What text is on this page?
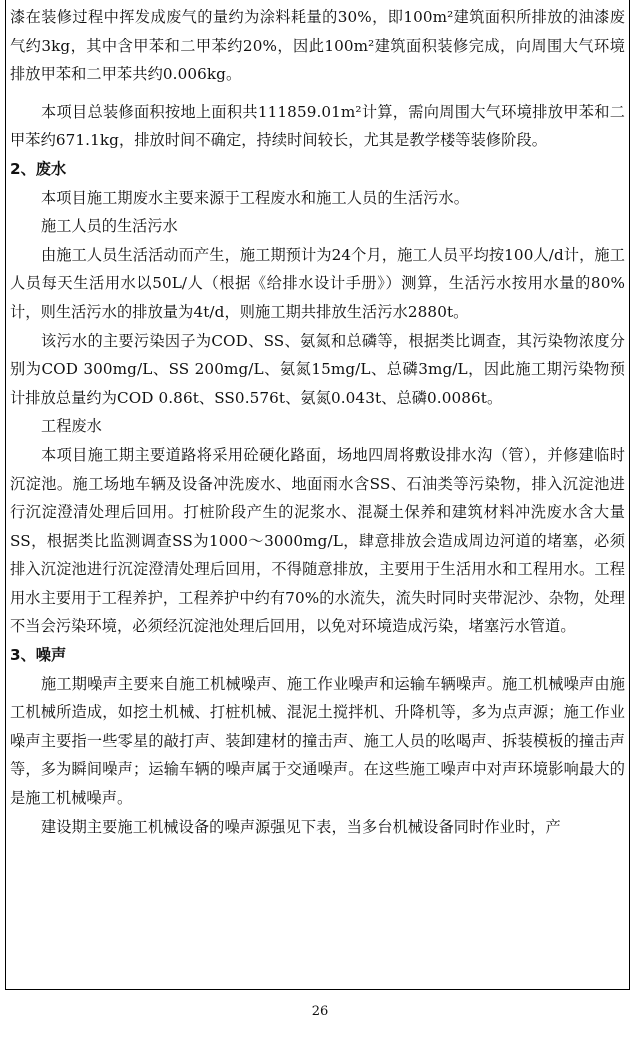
漆在装修过程中挥发成废气的量约为涂料耗量的30%，即100m²建筑面积所排放的油漆废气约3kg，其中含甲苯和二甲苯约20%，因此100m²建筑面积装修完成，向周围大气环境排放甲苯和二甲苯共约0.006kg。

本项目总装修面积按地上面积共111859.01m²计算，需向周围大气环境排放甲苯和二甲苯约671.1kg，排放时间不确定，持续时间较长，尤其是教学楼等装修阶段。

2、废水

本项目施工期废水主要来源于工程废水和施工人员的生活污水。

施工人员的生活污水

由施工人员生活活动而产生，施工期预计为24个月，施工人员平均按100人/d计，施工人员每天生活用水以50L/人（根据《给排水设计手册》）测算，生活污水按用水量的80%计，则生活污水的排放量为4t/d，则施工期共排放生活污水2880t。

该污水的主要污染因子为COD、SS、氨氮和总磷等，根据类比调查，其污染物浓度分别为COD 300mg/L、SS 200mg/L、氨氮15mg/L、总磷3mg/L，因此施工期污染物预计排放总量约为COD 0.86t、SS0.576t、氨氮0.043t、总磷0.0086t。

工程废水

本项目施工期主要道路将采用砼硬化路面，场地四周将敷设排水沟（管），并修建临时沉淀池。施工场地车辆及设备冲洗废水、地面雨水含SS、石油类等污染物，排入沉淀池进行沉淀澄清处理后回用。打桩阶段产生的泥浆水、混凝土保养和建筑材料冲洗废水含大量SS，根据类比监测调查SS为1000～3000mg/L，肆意排放会造成周边河道的堵塞，必须排入沉淀池进行沉淀澄清处理后回用，不得随意排放，主要用于生活用水和工程用水。工程用水主要用于工程养护，工程养护中约有70%的水流失，流失时同时夹带泥沙、杂物，处理不当会污染环境，必须经沉淀池处理后回用，以免对环境造成污染，堵塞污水管道。

3、噪声

施工期噪声主要来自施工机械噪声、施工作业噪声和运输车辆噪声。施工机械噪声由施工机械所造成，如挖土机械、打桩机械、混泥土搅拌机、升降机等，多为点声源；施工作业噪声主要指一些零星的敲打声、装卸建材的撞击声、施工人员的吆喝声、拆装模板的撞击声等，多为瞬间噪声；运输车辆的噪声属于交通噪声。在这些施工噪声中对声环境影响最大的是施工机械噪声。

建设期主要施工机械设备的噪声源强见下表，当多台机械设备同时作业时，产

26
